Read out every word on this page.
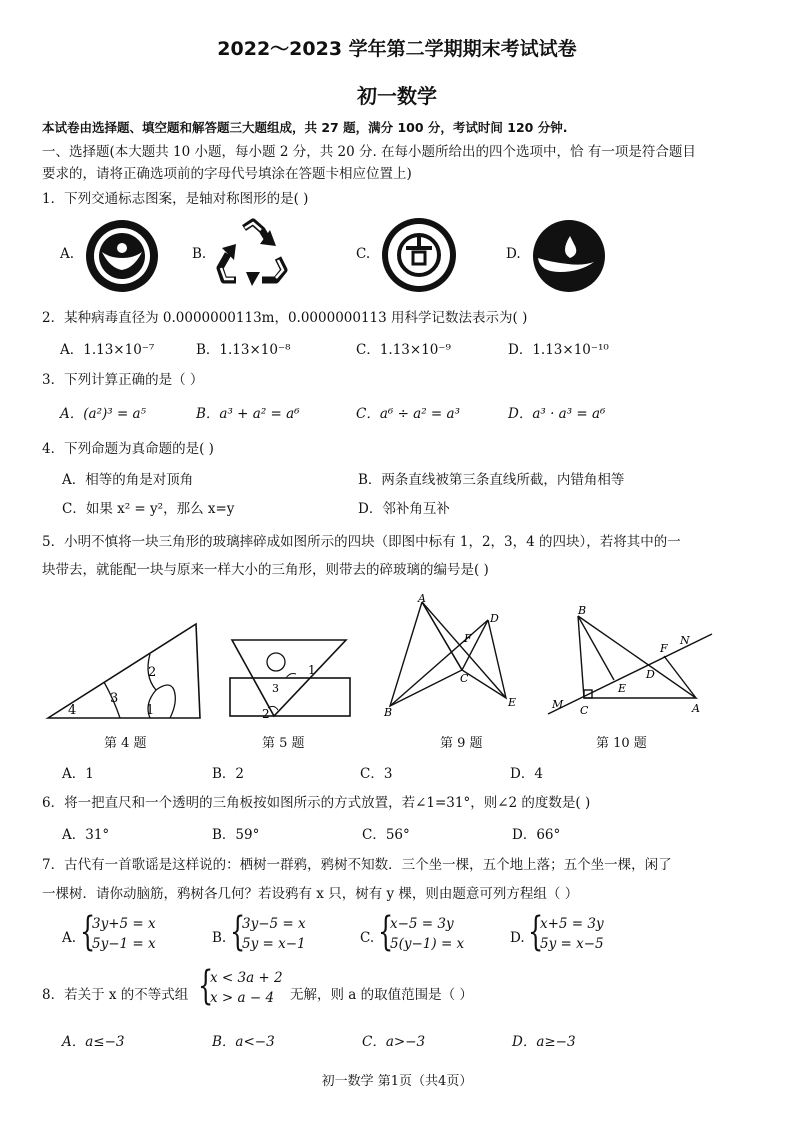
2022～2023 学年第二学期期末考试试卷
初一数学
本试卷由选择题、填空题和解答题三大题组成，共 27 题，满分 100 分，考试时间 120 分钟.
一、选择题(本大题共 10 小题，每小题 2 分，共 20 分. 在每小题所给出的四个选项中，恰 有一项是符合题目
要求的，请将正确选项前的字母代号填涂在答题卡相应位置上)
1．下列交通标志图案，是轴对称图形的是( )
A.	B.	C.	D.
2．某种病毒直径为 0.0000000113m，0.0000000113 用科学记数法表示为( )
A．1.13×10⁻⁷	B．1.13×10⁻⁸	C．1.13×10⁻⁹	D．1.13×10⁻¹⁰
3．下列计算正确的是（ ）
A．(a²)³ = a⁵	B．a³ + a² = a⁶	C．a⁶ ÷ a² = a³	D．a³ · a³ = a⁶
4．下列命题为真命题的是( )
A．相等的角是对顶角	B．两条直线被第三条直线所截，内错角相等
C．如果 x² = y²，那么 x=y	D．邻补角互补
5．小明不慎将一块三角形的玻璃摔碎成如图所示的四块（即图中标有 1，2，3，4 的四块），若将其中的一
块带去，就能配一块与原来一样大小的三角形，则带去的碎玻璃的编号是( )
2
3
4	1
第 4 题
1
2
3
第 5 题
A
B
C
D
E
F
第 9 题
B
C	A
M
N
F
D
E
第 10 题
A．1	B．2	C．3	D．4
6．将一把直尺和一个透明的三角板按如图所示的方式放置，若∠1=31°，则∠2 的度数是( )
A．31°	B．59°	C．56°	D．66°
7．古代有一首歌谣是这样说的：栖树一群鸦，鸦树不知数．三个坐一棵，五个地上落；五个坐一棵，闲了
一棵树．请你动脑筋，鸦树各几何？若设鸦有 x 只，树有 y 棵，则由题意可列方程组（ ）
A. {
3y+5 = x
5y−1 = x	B. {
3y−5 = x
5y = x−1	C. {
x−5 = 3y
5(y−1) = x	D. {
x+5 = 3y
5y = x−5
8．若关于 x 的不等式组 {
x < 3a + 2
x > a − 4	无解，则 a 的取值范围是（ ）
A．a≤−3	B．a<−3	C．a>−3	D．a≥−3
初一数学 第1页（共4页）
